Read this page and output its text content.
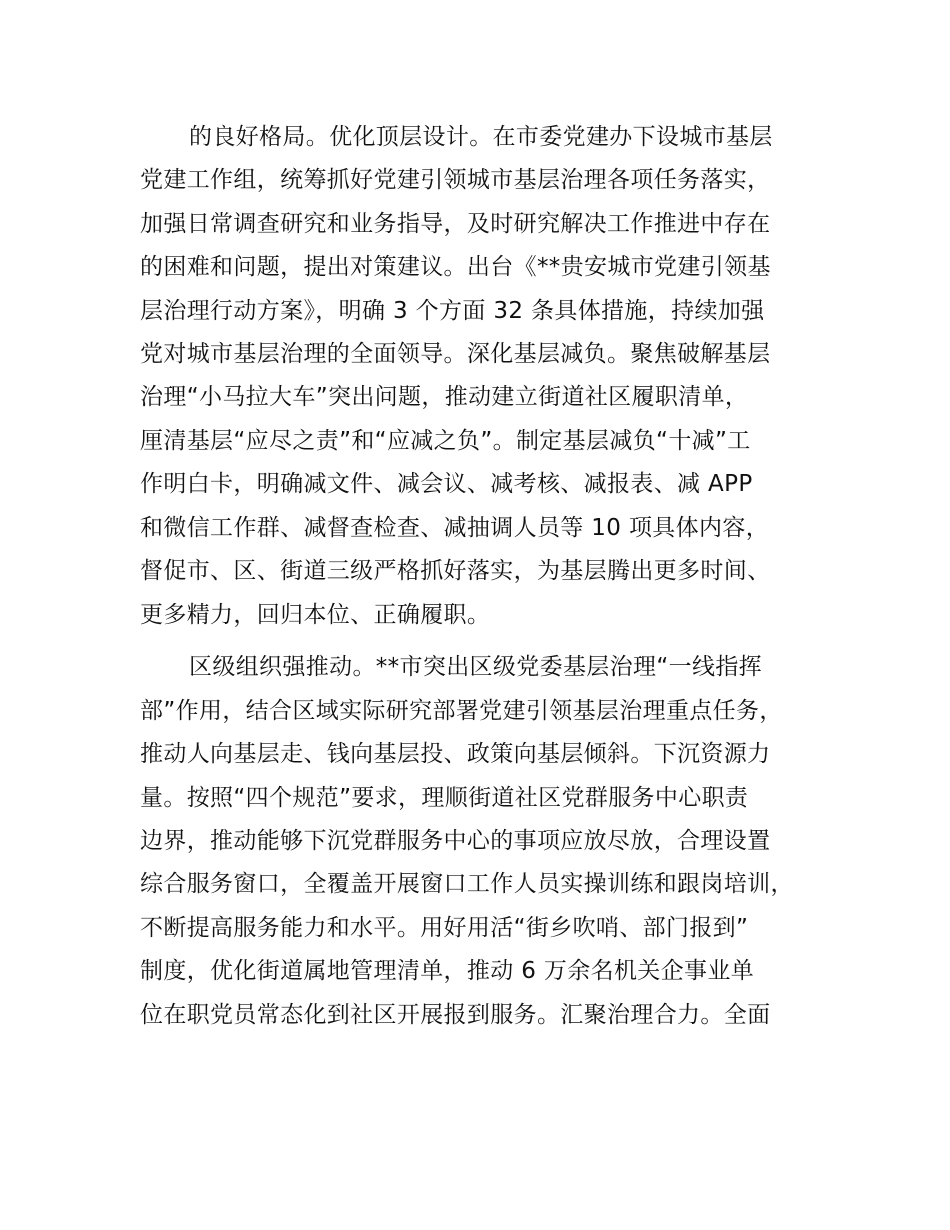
的良好格局。优化顶层设计。在市委党建办下设城市基层
党建工作组，统筹抓好党建引领城市基层治理各项任务落实，
加强日常调查研究和业务指导，及时研究解决工作推进中存在
的困难和问题，提出对策建议。出台《**贵安城市党建引领基
层治理行动方案》，明确 3 个方面 32 条具体措施，持续加强
党对城市基层治理的全面领导。深化基层减负。聚焦破解基层
治理“小马拉大车”突出问题，推动建立街道社区履职清单，
厘清基层“应尽之责”和“应减之负”。制定基层减负“十减”工
作明白卡，明确减文件、减会议、减考核、减报表、减 APP
和微信工作群、减督查检查、减抽调人员等 10 项具体内容，
督促市、区、街道三级严格抓好落实，为基层腾出更多时间、
更多精力，回归本位、正确履职。
区级组织强推动。**市突出区级党委基层治理“一线指挥
部”作用，结合区域实际研究部署党建引领基层治理重点任务，
推动人向基层走、钱向基层投、政策向基层倾斜。下沉资源力
量。按照“四个规范”要求，理顺街道社区党群服务中心职责
边界，推动能够下沉党群服务中心的事项应放尽放，合理设置
综合服务窗口，全覆盖开展窗口工作人员实操训练和跟岗培训，
不断提高服务能力和水平。用好用活“街乡吹哨、部门报到”
制度，优化街道属地管理清单，推动 6 万余名机关企事业单
位在职党员常态化到社区开展报到服务。汇聚治理合力。全面
